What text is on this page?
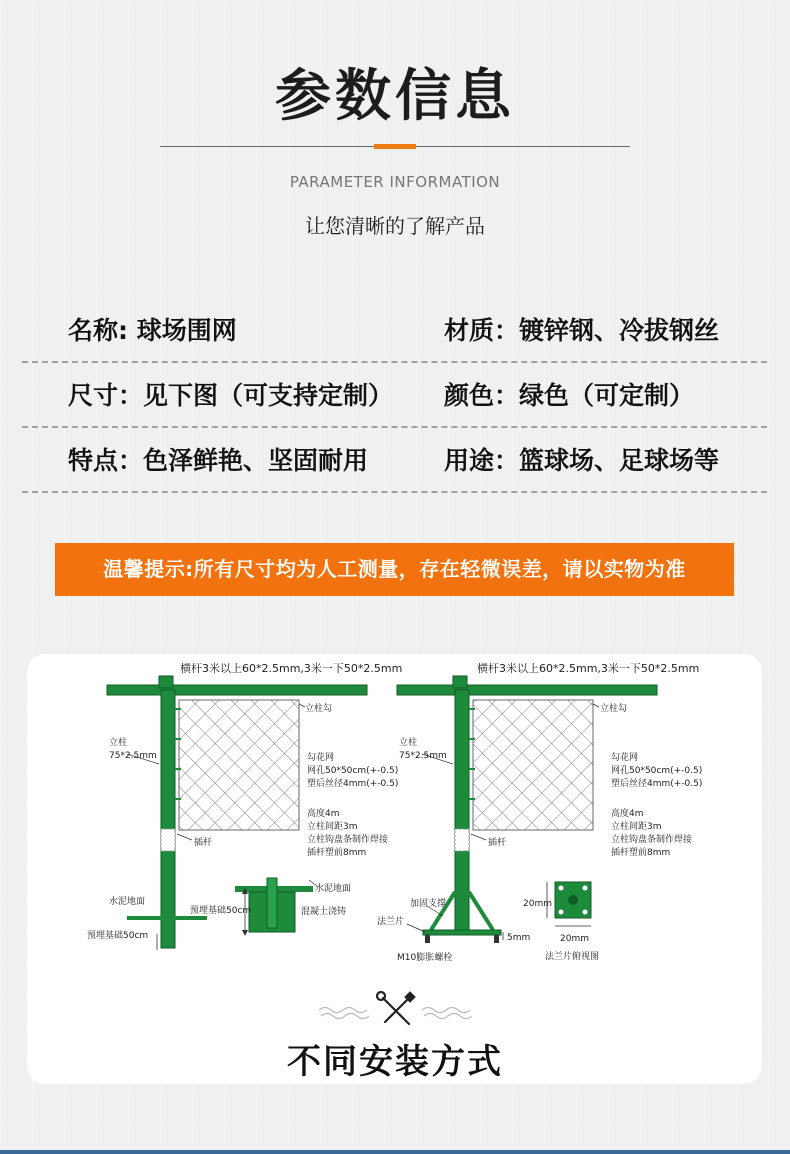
参数信息
PARAMETER INFORMATION
让您清晰的了解产品
名称: 球场围网	材质：镀锌钢、冷拔钢丝
尺寸：见下图（可支持定制） 颜色：绿色（可定制）
特点：色泽鲜艳、坚固耐用	用途：篮球场、足球场等
温馨提示:所有尺寸均为人工测量，存在轻微误差，请以实物为准
横杆3米以上60*2.5mm,3米一下50*2.5mm
立柱勾
立柱
75*2.5mm	勾花网
网孔50*50cm(+-0.5)
塑后丝径4mm(+-0.5)
高度4m
立柱间距3m
立柱钩盘条制作焊接
插杆塑前8mm
插杆
水泥地面
预埋基础50cm
水泥地面
预埋基础50cm	混凝土浇铸
横杆3米以上60*2.5mm,3米一下50*2.5mm
立柱勾
立柱
75*2.5mm	勾花网
网孔50*50cm(+-0.5)
塑后丝径4mm(+-0.5)
高度4m
立柱间距3m
立柱钩盘条制作焊接
插杆塑前8mm
插杆
加固支撑
法兰片
M10膨胀螺栓
5mm
20mm
20mm
法兰片俯视图
不同安装方式
